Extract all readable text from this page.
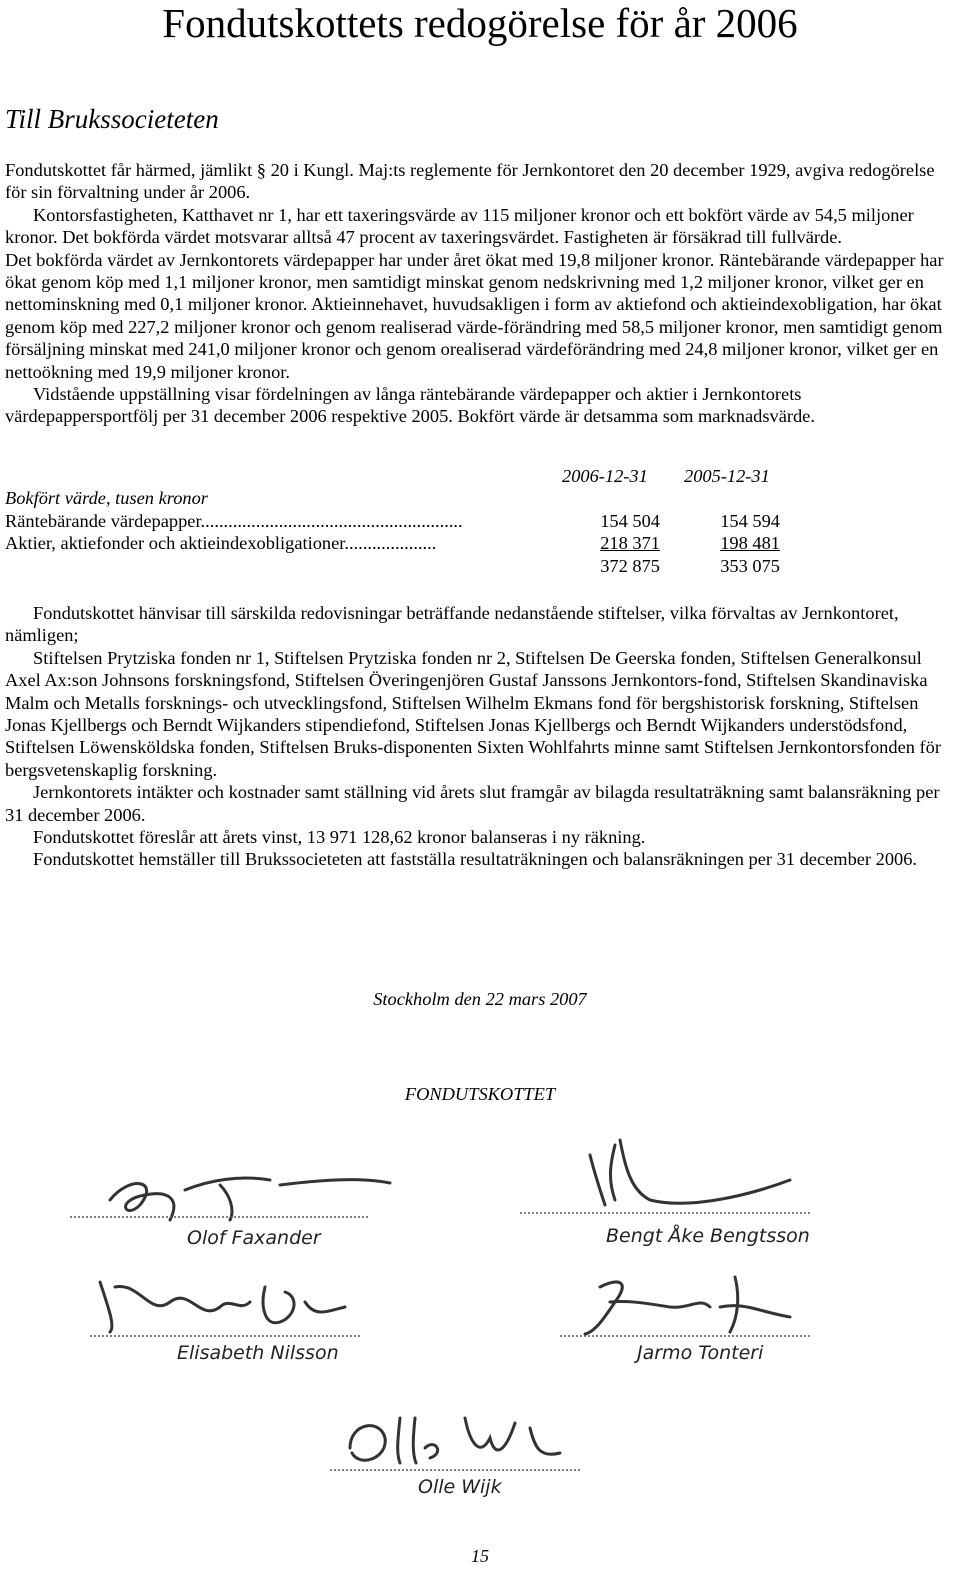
Fondutskottets redogörelse för år 2006
Till Brukssocieteten

Fondutskottet får härmed, jämlikt § 20 i Kungl. Maj:ts reglemente för Jernkontoret den 20 december 1929, avgiva redogörelse för sin förvaltning under år 2006.

Kontorsfastigheten, Katthavet nr 1, har ett taxeringsvärde av 115 miljoner kronor och ett bokfört värde av 54,5 miljoner kronor. Det bokförda värdet motsvarar alltså 47 procent av taxeringsvärdet. Fastigheten är försäkrad till fullvärde.

Det bokförda värdet av Jernkontorets värdepapper har under året ökat med 19,8 miljoner kronor. Räntebärande värdepapper har ökat genom köp med 1,1 miljoner kronor, men samtidigt minskat genom nedskrivning med 1,2 miljoner kronor, vilket ger en nettominskning med 0,1 miljoner kronor. Aktieinnehavet, huvudsakligen i form av aktiefond och aktieindexobligation, har ökat genom köp med 227,2 miljoner kronor och genom realiserad värde-förändring med 58,5 miljoner kronor, men samtidigt genom försäljning minskat med 241,0 miljoner kronor och genom orealiserad värdeförändring med 24,8 miljoner kronor, vilket ger en nettoökning med 19,9 miljoner kronor.

Vidstående uppställning visar fördelningen av långa räntebärande värdepapper och aktier i Jernkontorets värdepappersportfölj per 31 december 2006 respektive 2005. Bokfört värde är detsamma som marknadsvärde.

2006-12-31 2005-12-31
Bokfört värde, tusen kronor
Räntebärande värdepapper.........................................................	154 504	154 594
Aktier, aktiefonder och aktieindexobligationer....................	218 371	198 481
372 875	353 075

Fondutskottet hänvisar till särskilda redovisningar beträffande nedanstående stiftelser, vilka förvaltas av Jernkontoret, nämligen;

Stiftelsen Prytziska fonden nr 1, Stiftelsen Prytziska fonden nr 2, Stiftelsen De Geerska fonden, Stiftelsen Generalkonsul Axel Ax:son Johnsons forskningsfond, Stiftelsen Överingenjören Gustaf Janssons Jernkontors-fond, Stiftelsen Skandinaviska Malm och Metalls forsknings- och utvecklingsfond, Stiftelsen Wilhelm Ekmans fond för bergshistorisk forskning, Stiftelsen Jonas Kjellbergs och Berndt Wijkanders stipendiefond, Stiftelsen Jonas Kjellbergs och Berndt Wijkanders understödsfond, Stiftelsen Löwensköldska fonden, Stiftelsen Bruks-disponenten Sixten Wohlfahrts minne samt Stiftelsen Jernkontorsfonden för bergsvetenskaplig forskning.

Jernkontorets intäkter och kostnader samt ställning vid årets slut framgår av bilagda resultaträkning samt balansräkning per 31 december 2006.

Fondutskottet föreslår att årets vinst, 13 971 128,62 kronor balanseras i ny räkning.

Fondutskottet hemställer till Brukssocieteten att fastställa resultaträkningen och balansräkningen per 31 december 2006.

Stockholm den 22 mars 2007
FONDUTSKOTTET
Olof Faxander	Bengt Åke Bengtsson
Elisabeth Nilsson	Jarmo Tonteri
Olle Wijk
15
